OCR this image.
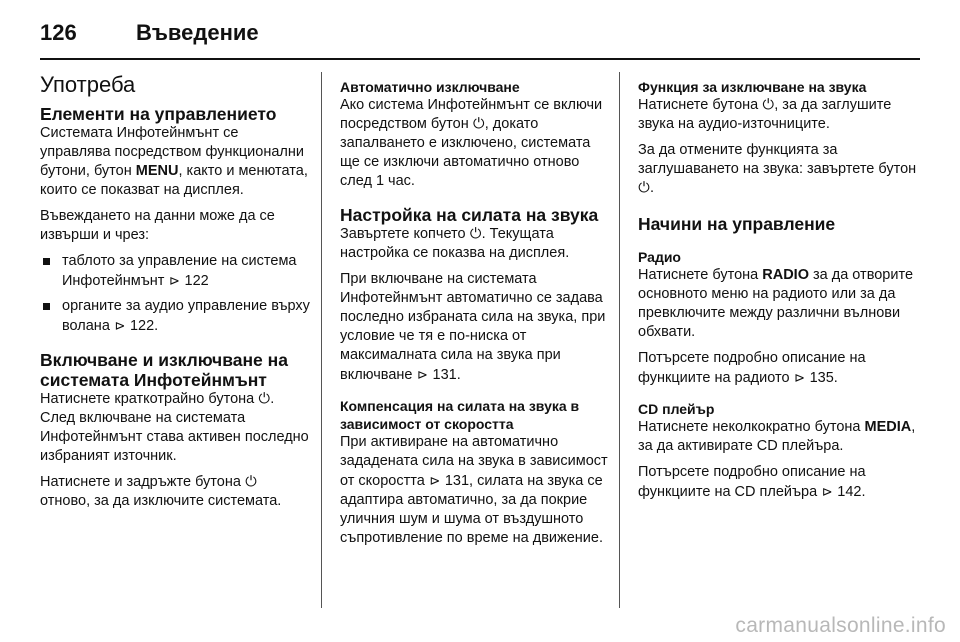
126	Въведение
Употреба
Елементи на управлението

Системата Инфотейнмънт се управлява посредством функционални бутони, бутон MENU, както и менютата, които се показват на дисплея.

Въвеждането на данни може да се извърши и чрез:

таблото за управление на система Инфотейнмънт ⊳ 122
органите за аудио управление върху волана ⊳ 122.
Включване и изключване на системата Инфотейнмънт

Натиснете краткотрайно бутона ⏻. След включване на системата Инфотейнмънт става активен последно избраният източник.

Натиснете и задръжте бутона ⏻ отново, за да изключите системата.

Автоматично изключване

Ако система Инфотейнмънт се включи посредством бутон ⏻, докато запалването е изключено, системата ще се изключи автоматично отново след 1 час.

Настройка на силата на звука

Завъртете копчето ⏻. Текущата настройка се показва на дисплея.

При включване на системата Инфотейнмънт автоматично се задава последно избраната сила на звука, при условие че тя е по-ниска от максималната сила на звука при включване ⊳ 131.

Компенсация на силата на звука в зависимост от скоростта

При активиране на автоматично зададената сила на звука в зависимост от скоростта ⊳ 131, силата на звука се адаптира автоматично, за да покрие уличния шум и шума от въздушното съпротивление по време на движение.

Функция за изключване на звука

Натиснете бутона ⏻, за да заглушите звука на аудио-източниците.

За да отмените функцията за заглушаването на звука: завъртете бутон ⏻.

Начини на управление
Радио

Натиснете бутона RADIO за да отворите основното меню на радиото или за да превключите между различни вълнови обхвати.

Потърсете подробно описание на функциите на радиото ⊳ 135.

CD плейър

Натиснете неколкократно бутона MEDIA, за да активирате CD плейъра.

Потърсете подробно описание на функциите на CD плейъра ⊳ 142.

carmanualsonline.info
